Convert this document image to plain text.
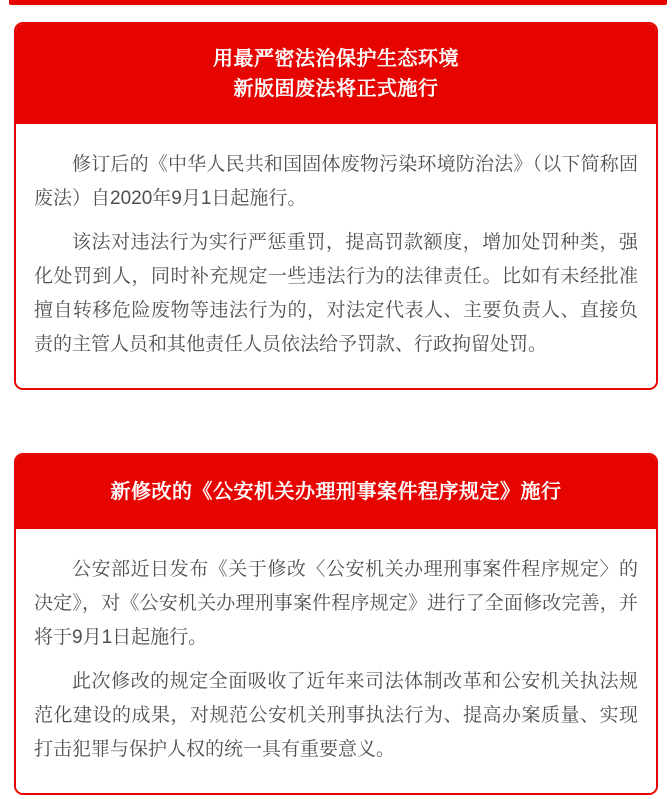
用最严密法治保护生态环境
新版固废法将正式施行

修订后的《中华人民共和国固体废物污染环境防治法》（以下简称固废法）自2020年9月1日起施行。

该法对违法行为实行严惩重罚，提高罚款额度，增加处罚种类，强化处罚到人，同时补充规定一些违法行为的法律责任。比如有未经批准擅自转移危险废物等违法行为的，对法定代表人、主要负责人、直接负责的主管人员和其他责任人员依法给予罚款、行政拘留处罚。

新修改的《公安机关办理刑事案件程序规定》施行

公安部近日发布《关于修改〈公安机关办理刑事案件程序规定〉的决定》，对《公安机关办理刑事案件程序规定》进行了全面修改完善，并将于9月1日起施行。

此次修改的规定全面吸收了近年来司法体制改革和公安机关执法规范化建设的成果，对规范公安机关刑事执法行为、提高办案质量、实现打击犯罪与保护人权的统一具有重要意义。
